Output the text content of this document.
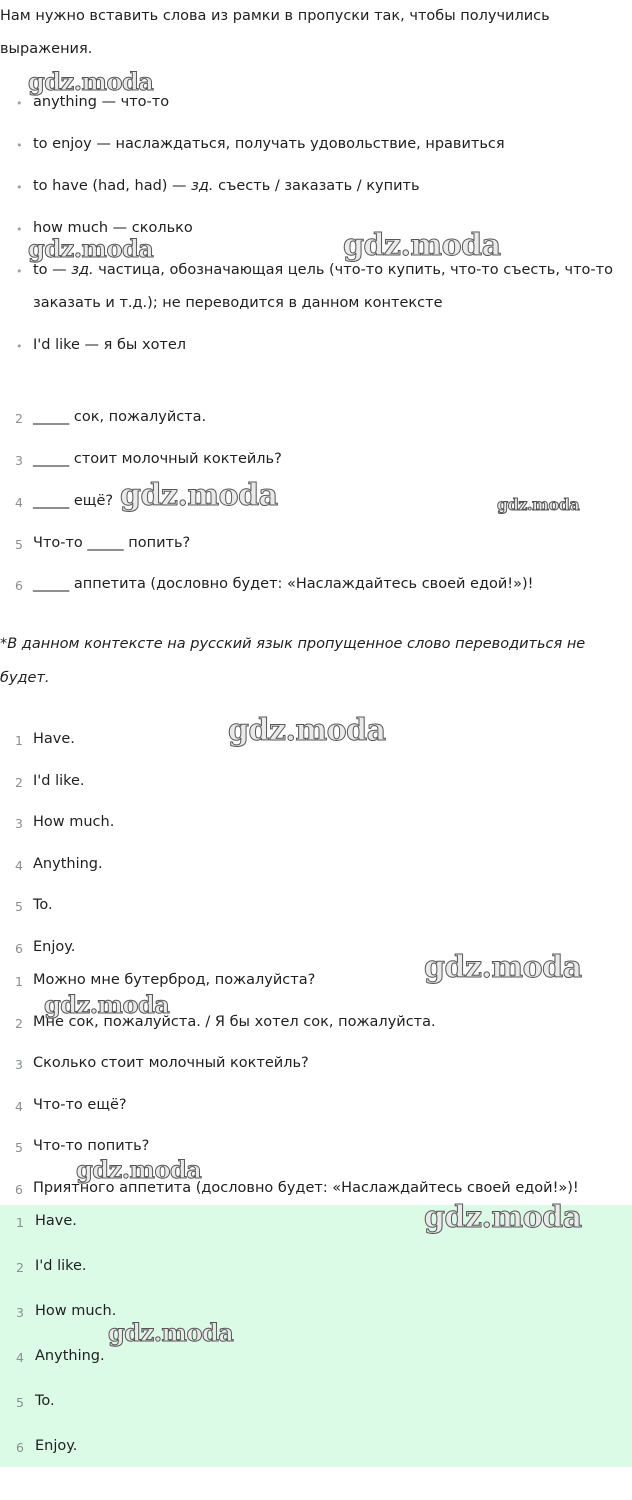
Нам нужно вставить слова из рамки в пропуски так, чтобы получились выражения.
• anything — что-то
• to enjoy — наслаждаться, получать удовольствие, нравиться
• to have (had, had) — зд. съесть / заказать / купить
• how much — сколько
• to — зд. частица, обозначающая цель (что-то купить, что-то съесть, что-то заказать и т.д.); не переводится в данном контексте
• I'd like — я бы хотел
2 _____ сок, пожалуйста.
3 _____ стоит молочный коктейль?
4 _____ ещё?
5 Что-то _____ попить?
6 _____ аппетита (дословно будет: «Наслаждайтесь своей едой!»)!
*В данном контексте на русский язык пропущенное слово переводиться не будет.
1 Have.
2 I'd like.
3 How much.
4 Anything.
5 To.
6 Enjoy.
1 Можно мне бутерброд, пожалуйста?
2 Мне сок, пожалуйста. / Я бы хотел сок, пожалуйста.
3 Сколько стоит молочный коктейль?
4 Что-то ещё?
5 Что-то попить?
6 Приятного аппетита (дословно будет: «Наслаждайтесь своей едой!»)!
1 Have.
2 I'd like.
3 How much.
4 Anything.
5 To.
6 Enjoy.
gdz.moda
gdz.moda	gdz.moda
gdz.moda	gdz.moda
gdz.moda
gdz.moda
gdz.moda
gdz.moda
gdz.moda
gdz.moda
